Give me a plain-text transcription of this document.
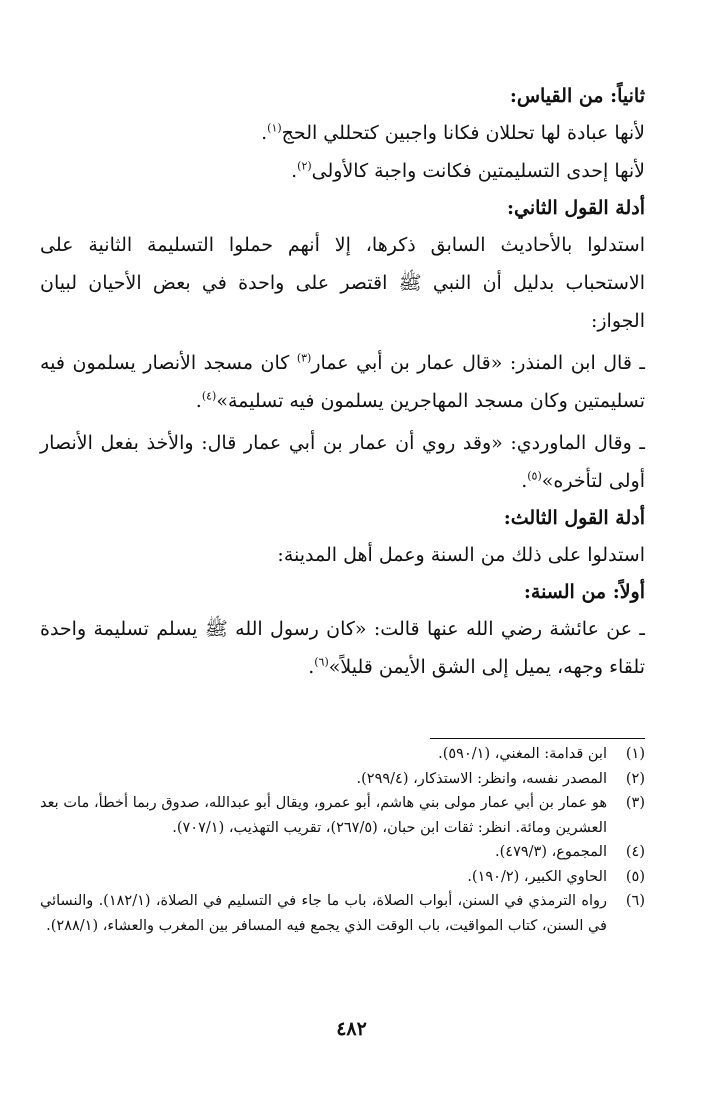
ثانياً: من القياس:

لأنها عبادة لها تحللان فكانا واجبين كتحللي الحج$^{(١)}$.

لأنها إحدى التسليمتين فكانت واجبة كالأولى$^{(٢)}$.

أدلة القول الثاني:

استدلوا بالأحاديث السابق ذكرها، إلا أنهم حملوا التسليمة الثانية على الاستحباب بدليل أن النبي ﷺ اقتصر على واحدة في بعض الأحيان لبيان الجواز:

ـ قال ابن المنذر: «قال عمار بن أبي عمار$^{(٣)}$ كان مسجد الأنصار يسلمون فيه تسليمتين وكان مسجد المهاجرين يسلمون فيه تسليمة»$^{(٤)}$.

ـ وقال الماوردي: «وقد روي أن عمار بن أبي عمار قال: والأخذ بفعل الأنصار أولى لتأخره»$^{(٥)}$.

أدلة القول الثالث:

استدلوا على ذلك من السنة وعمل أهل المدينة:

أولاً: من السنة:

ـ عن عائشة رضي الله عنها قالت: «كان رسول الله ﷺ يسلم تسليمة واحدة تلقاء وجهه، يميل إلى الشق الأيمن قليلاً»$^{(٦)}$.

(١)
ابن قدامة: المغني، (٥٩٠/١).
(٢)
المصدر نفسه، وانظر: الاستذكار، (٢٩٩/٤).
(٣)
هو عمار بن أبي عمار مولى بني هاشم، أبو عمرو، ويقال أبو عبدالله، صدوق ربما أخطأ، مات بعد العشرين ومائة. انظر: ثقات ابن حبان، (٢٦٧/٥)، تقريب التهذيب، (٧٠٧/١).
(٤)
المجموع، (٤٧٩/٣).
(٥)
الحاوي الكبير، (١٩٠/٢).
(٦)
رواه الترمذي في السنن، أبواب الصلاة، باب ما جاء في التسليم في الصلاة، (١٨٢/١). والنسائي في السنن، كتاب المواقيت، باب الوقت الذي يجمع فيه المسافر بين المغرب والعشاء، (٢٨٨/١).
٤٨٢
